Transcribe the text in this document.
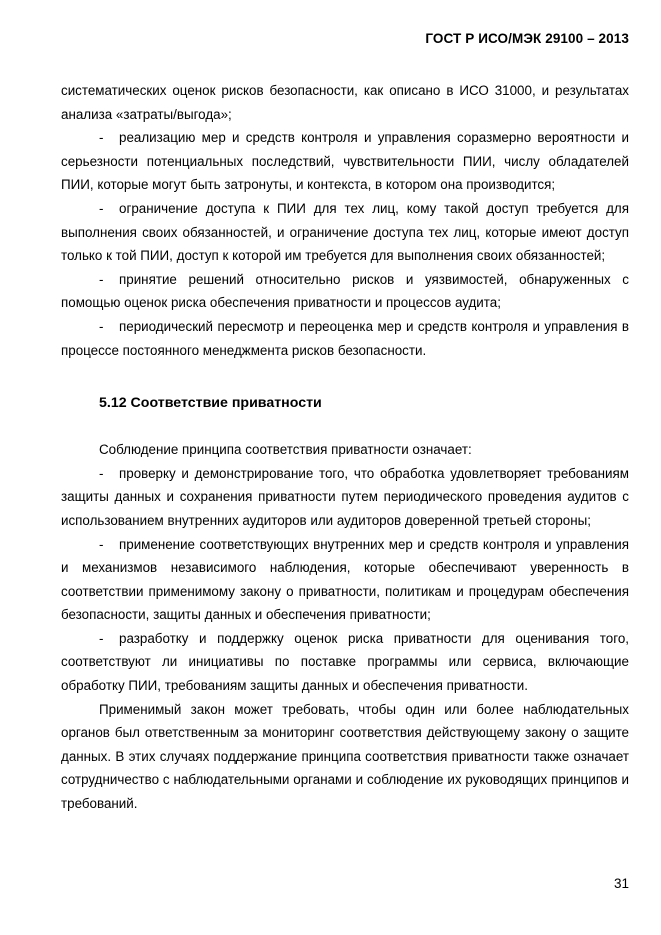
ГОСТ Р ИСО/МЭК 29100 – 2013

систематических оценок рисков безопасности, как описано в ИСО 31000, и результатах анализа «затраты/выгода»;

- реализацию мер и средств контроля и управления соразмерно вероятности и серьезности потенциальных последствий, чувствительности ПИИ, числу обладателей ПИИ, которые могут быть затронуты, и контекста, в котором она производится;

- ограничение доступа к ПИИ для тех лиц, кому такой доступ требуется для выполнения своих обязанностей, и ограничение доступа тех лиц, которые имеют доступ только к той ПИИ, доступ к которой им требуется для выполнения своих обязанностей;

- принятие решений относительно рисков и уязвимостей, обнаруженных с помощью оценок риска обеспечения приватности и процессов аудита;

- периодический пересмотр и переоценка мер и средств контроля и управления в процессе постоянного менеджмента рисков безопасности.

5.12 Соответствие приватности

Соблюдение принципа соответствия приватности означает:

- проверку и демонстрирование того, что обработка удовлетворяет требованиям защиты данных и сохранения приватности путем периодического проведения аудитов с использованием внутренних аудиторов или аудиторов доверенной третьей стороны;

- применение соответствующих внутренних мер и средств контроля и управления и механизмов независимого наблюдения, которые обеспечивают уверенность в соответствии применимому закону о приватности, политикам и процедурам обеспечения безопасности, защиты данных и обеспечения приватности;

- разработку и поддержку оценок риска приватности для оценивания того, соответствуют ли инициативы по поставке программы или сервиса, включающие обработку ПИИ, требованиям защиты данных и обеспечения приватности.

Применимый закон может требовать, чтобы один или более наблюдательных органов был ответственным за мониторинг соответствия действующему закону о защите данных. В этих случаях поддержание принципа соответствия приватности также означает сотрудничество с наблюдательными органами и соблюдение их руководящих принципов и требований.

31
